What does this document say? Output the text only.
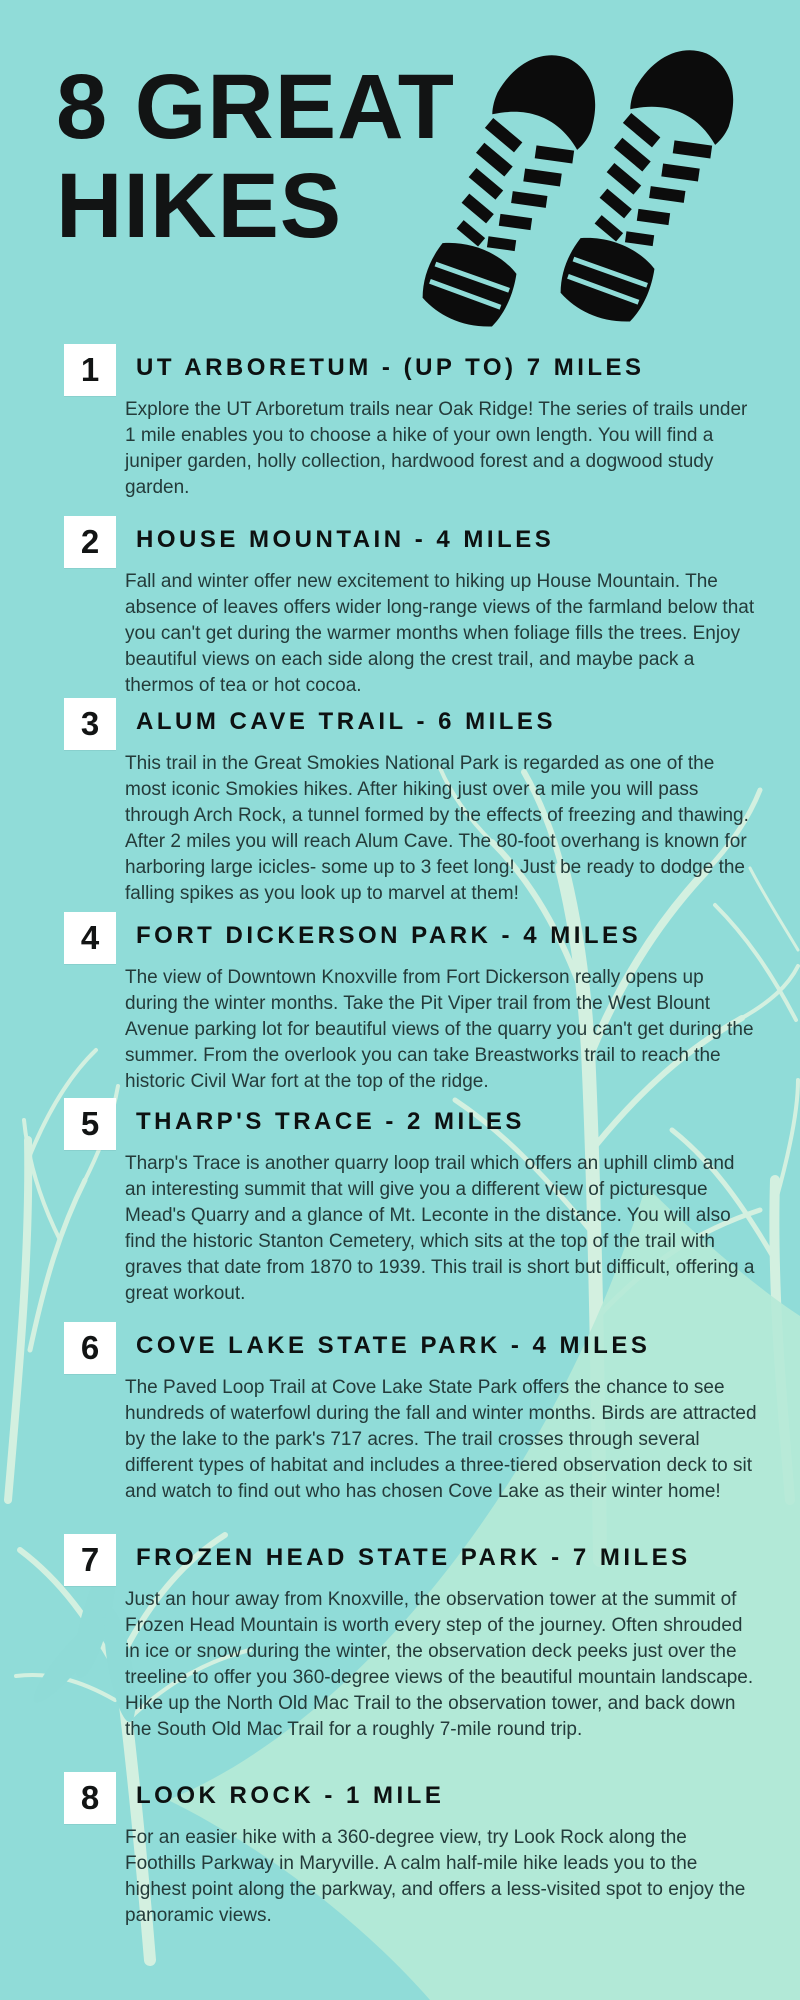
8 GREAT
HIKES
1	UT ARBORETUM - (UP TO) 7 MILES

Explore the UT Arboretum trails near Oak Ridge! The series of trails under 1 mile enables you to choose a hike of your own length. You will find a juniper garden, holly collection, hardwood forest and a dogwood study garden.

2	HOUSE MOUNTAIN - 4 MILES

Fall and winter offer new excitement to hiking up House Mountain. The absence of leaves offers wider long-range views of the farmland below that you can't get during the warmer months when foliage fills the trees. Enjoy beautiful views on each side along the crest trail, and maybe pack a thermos of tea or hot cocoa.

3	ALUM CAVE TRAIL - 6 MILES

This trail in the Great Smokies National Park is regarded as one of the most iconic Smokies hikes. After hiking just over a mile you will pass through Arch Rock, a tunnel formed by the effects of freezing and thawing. After 2 miles you will reach Alum Cave. The 80-foot overhang is known for harboring large icicles- some up to 3 feet long! Just be ready to dodge the falling spikes as you look up to marvel at them!

4	FORT DICKERSON PARK - 4 MILES

The view of Downtown Knoxville from Fort Dickerson really opens up during the winter months. Take the Pit Viper trail from the West Blount Avenue parking lot for beautiful views of the quarry you can't get during the summer. From the overlook you can take Breastworks trail to reach the historic Civil War fort at the top of the ridge.

5	THARP'S TRACE - 2 MILES

Tharp's Trace is another quarry loop trail which offers an uphill climb and an interesting summit that will give you a different view of picturesque Mead's Quarry and a glance of Mt. Leconte in the distance. You will also find the historic Stanton Cemetery, which sits at the top of the trail with graves that date from 1870 to 1939. This trail is short but difficult, offering a great workout.

6	COVE LAKE STATE PARK - 4 MILES

The Paved Loop Trail at Cove Lake State Park offers the chance to see hundreds of waterfowl during the fall and winter months. Birds are attracted by the lake to the park's 717 acres. The trail crosses through several different types of habitat and includes a three-tiered observation deck to sit and watch to find out who has chosen Cove Lake as their winter home!

7	FROZEN HEAD STATE PARK - 7 MILES

Just an hour away from Knoxville, the observation tower at the summit of Frozen Head Mountain is worth every step of the journey. Often shrouded in ice or snow during the winter, the observation deck peeks just over the treeline to offer you 360-degree views of the beautiful mountain landscape. Hike up the North Old Mac Trail to the observation tower, and back down the South Old Mac Trail for a roughly 7-mile round trip.

8	LOOK ROCK - 1 MILE

For an easier hike with a 360-degree view, try Look Rock along the Foothills Parkway in Maryville. A calm half-mile hike leads you to the highest point along the parkway, and offers a less-visited spot to enjoy the panoramic views.
